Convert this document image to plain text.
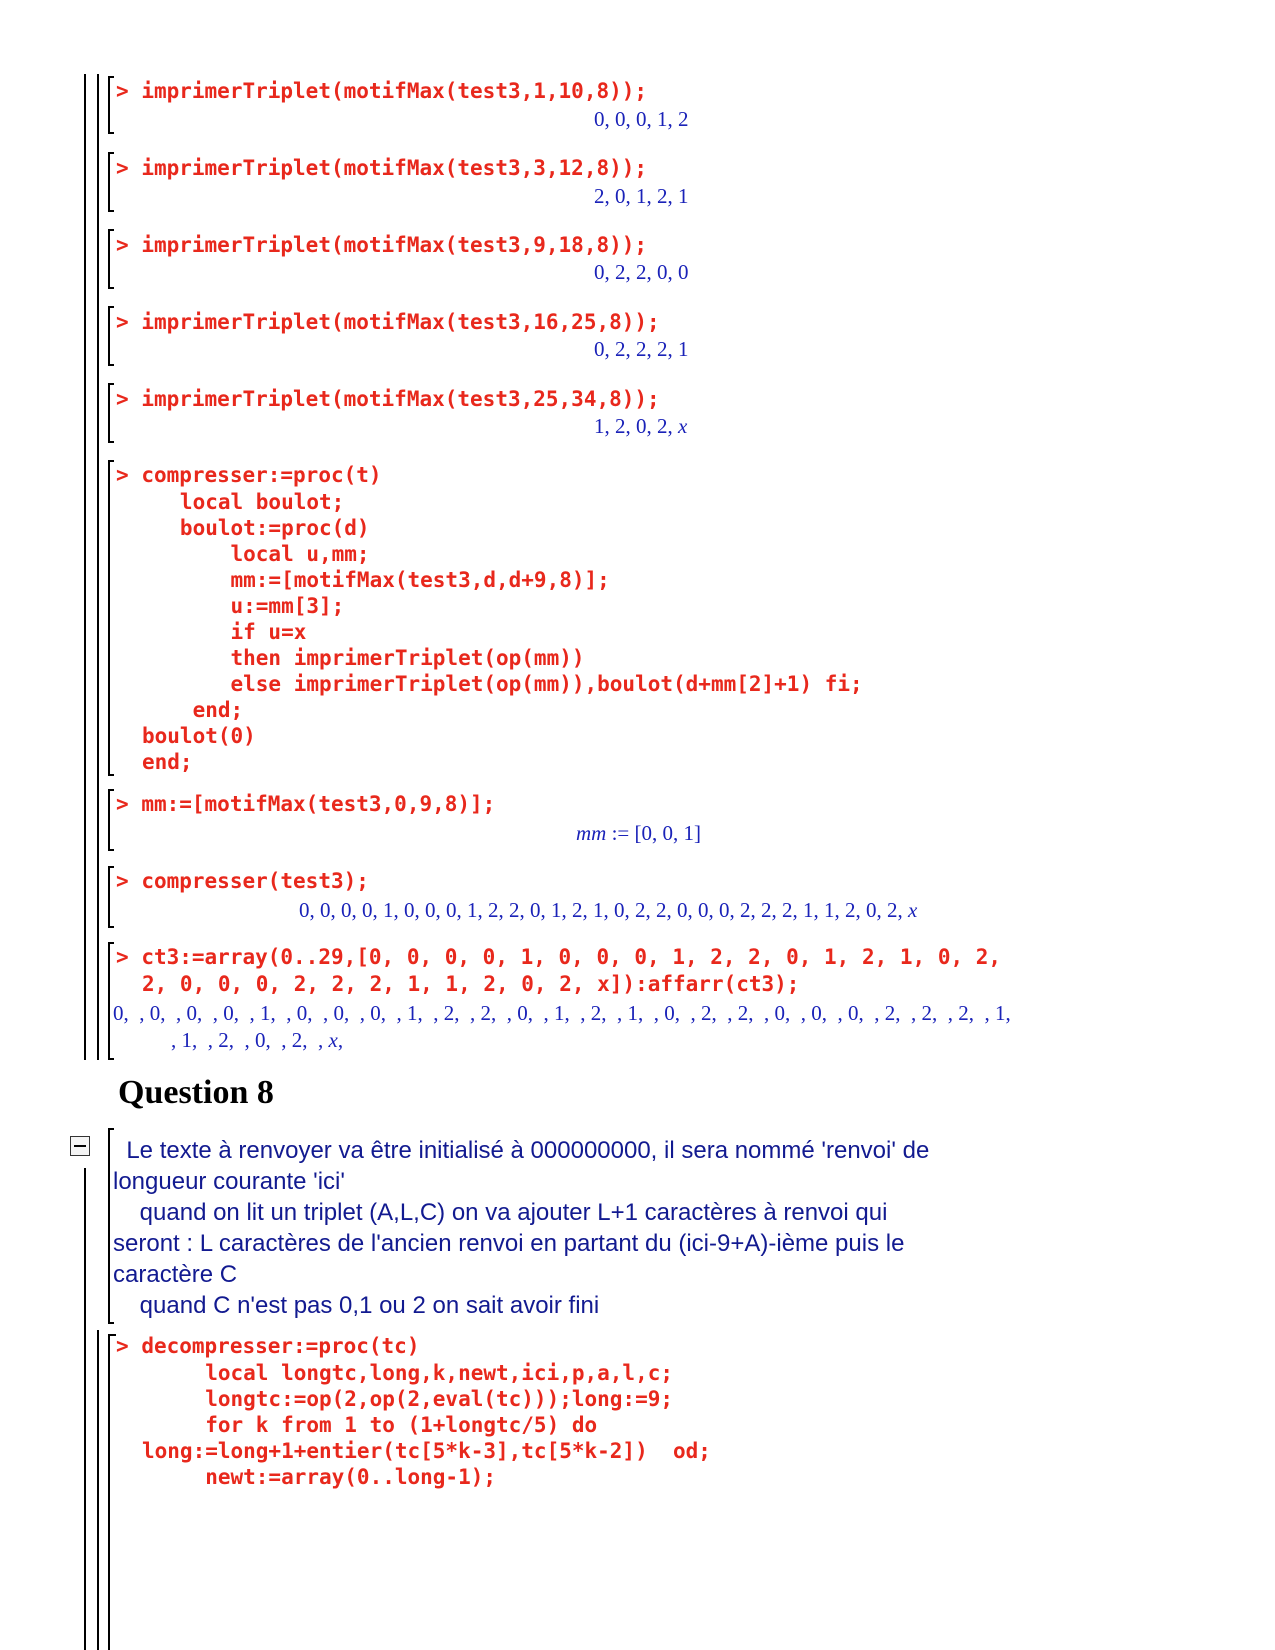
> imprimerTriplet(motifMax(test3,1,10,8));
0, 0, 0, 1, 2
> imprimerTriplet(motifMax(test3,3,12,8));
2, 0, 1, 2, 1
> imprimerTriplet(motifMax(test3,9,18,8));
0, 2, 2, 0, 0
> imprimerTriplet(motifMax(test3,16,25,8));
0, 2, 2, 2, 1
> imprimerTriplet(motifMax(test3,25,34,8));
1, 2, 0, 2, x
> compresser:=proc(t)
local boulot;
boulot:=proc(d)
local u,mm;
mm:=[motifMax(test3,d,d+9,8)];
u:=mm[3];
if u=x
then imprimerTriplet(op(mm))
else imprimerTriplet(op(mm)),boulot(d+mm[2]+1) fi;
end;
boulot(0)
end;
> mm:=[motifMax(test3,0,9,8)];
mm := [0, 0, 1]
> compresser(test3);
0, 0, 0, 0, 1, 0, 0, 0, 1, 2, 2, 0, 1, 2, 1, 0, 2, 2, 0, 0, 0, 2, 2, 2, 1, 1, 2, 0, 2, x
> ct3:=array(0..29,[0, 0, 0, 0, 1, 0, 0, 0, 1, 2, 2, 0, 1, 2, 1, 0, 2,
2, 0, 0, 0, 2, 2, 2, 1, 1, 2, 0, 2, x]):affarr(ct3);
0,  , 0,  , 0,  , 0,  , 1,  , 0,  , 0,  , 0,  , 1,  , 2,  , 2,  , 0,  , 1,  , 2,  , 1,  , 0,  , 2,  , 2,  , 0,  , 0,  , 0,  , 2,  , 2,  , 2,  , 1,
, 1,  , 2,  , 0,  , 2,  , x,
Question 8
Le texte à renvoyer va être initialisé à 000000000, il sera nommé 'renvoi' de
longueur courante 'ici'
quand on lit un triplet (A,L,C) on va ajouter L+1 caractères à renvoi qui
seront : L caractères de l'ancien renvoi en partant du (ici-9+A)-ième puis le
caractère C
quand C n'est pas 0,1 ou 2 on sait avoir fini
> decompresser:=proc(tc)
local longtc,long,k,newt,ici,p,a,l,c;
longtc:=op(2,op(2,eval(tc)));long:=9;
for k from 1 to (1+longtc/5) do
long:=long+1+entier(tc[5*k-3],tc[5*k-2])  od;
newt:=array(0..long-1);
